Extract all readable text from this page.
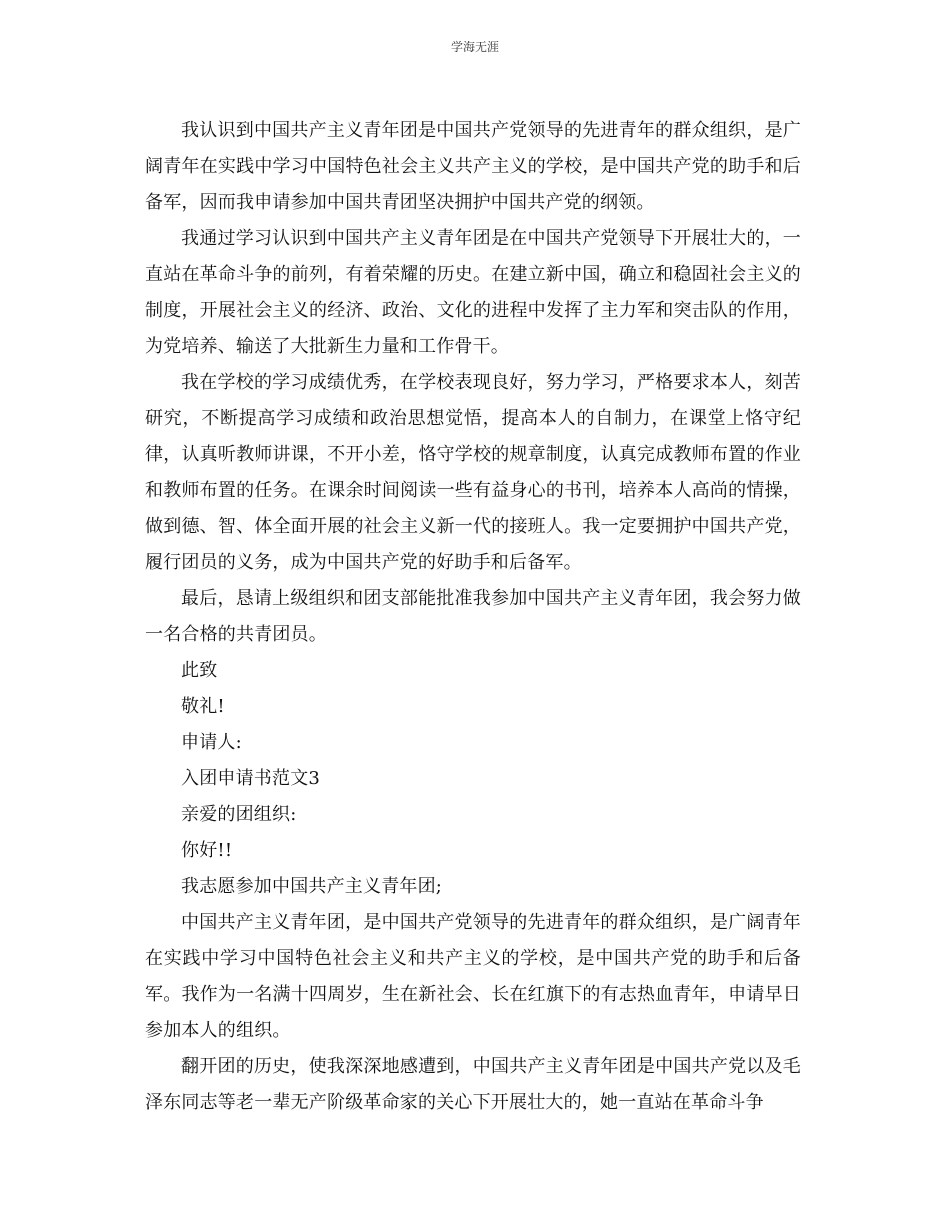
学海无涯

我认识到中国共产主义青年团是中国共产党领导的先进青年的群众组织，是广阔青年在实践中学习中国特色社会主义共产主义的学校，是中国共产党的助手和后备军，因而我申请参加中国共青团坚决拥护中国共产党的纲领。

我通过学习认识到中国共产主义青年团是在中国共产党领导下开展壮大的，一直站在革命斗争的前列，有着荣耀的历史。在建立新中国，确立和稳固社会主义的制度，开展社会主义的经济、政治、文化的进程中发挥了主力军和突击队的作用，为党培养、输送了大批新生力量和工作骨干。

我在学校的学习成绩优秀，在学校表现良好，努力学习，严格要求本人，刻苦研究，不断提高学习成绩和政治思想觉悟，提高本人的自制力，在课堂上恪守纪律，认真听教师讲课，不开小差，恪守学校的规章制度，认真完成教师布置的作业和教师布置的任务。在课余时间阅读一些有益身心的书刊，培养本人高尚的情操，做到德、智、体全面开展的社会主义新一代的接班人。我一定要拥护中国共产党，履行团员的义务，成为中国共产党的好助手和后备军。

最后，恳请上级组织和团支部能批准我参加中国共产主义青年团，我会努力做一名合格的共青团员。

此致

敬礼!

申请人:

入团申请书范文3

亲爱的团组织:

你好!!

我志愿参加中国共产主义青年团;

中国共产主义青年团，是中国共产党领导的先进青年的群众组织，是广阔青年在实践中学习中国特色社会主义和共产主义的学校，是中国共产党的助手和后备军。我作为一名满十四周岁，生在新社会、长在红旗下的有志热血青年，申请早日 参加本人的组织。

翻开团的历史，使我深深地感遭到，中国共产主义青年团是中国共产党以及毛泽东同志等老一辈无产阶级革命家的关心下开展壮大的，她一直站在革命斗争
